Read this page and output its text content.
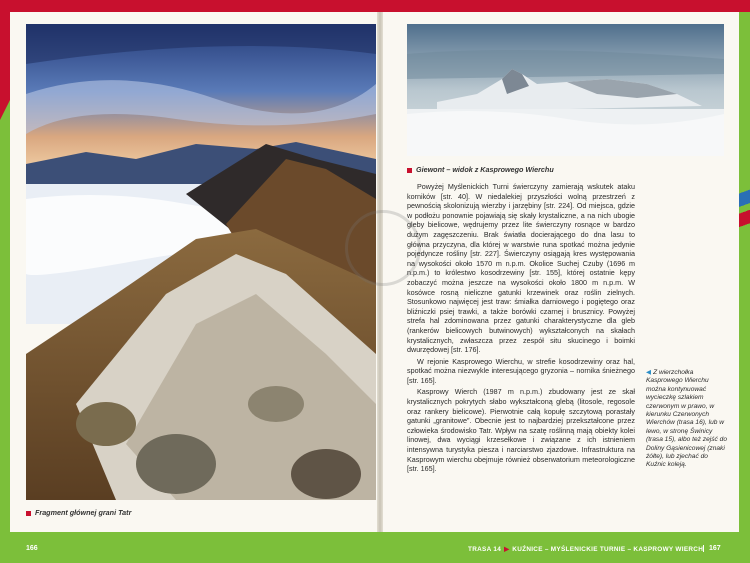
Fragment głównej grani Tatr
Giewont – widok z Kasprowego Wierchu

Powyżej Myślenickich Turni świerczyny zamierają wskutek ataku korników [str. 40]. W niedalekiej przyszłości wolną przestrzeń z pewnością skolonizują wierzby i jarzębiny [str. 224]. Od miejsca, gdzie w podłożu ponownie pojawiają się skały krystaliczne, a na nich ubogie gleby bielicowe, wędrujemy przez lite świerczyny rosnące w bardzo dużym zagęszczeniu. Brak światła docierającego do dna lasu to główna przyczyna, dla której w warstwie runa spotkać można jedynie pojedyncze rośliny [str. 227]. Świerczyny osiągają kres występowania na wysokości około 1570 m n.p.m. Okolice Suchej Czuby (1696 m n.p.m.) to królestwo kosodrzewiny [str. 155], której ostatnie kępy zobaczyć można jeszcze na wysokości około 1800 m n.p.m. W kosówce rosną nieliczne gatunki krzewinek oraz roślin zielnych. Stosunkowo najwięcej jest traw: śmiałka darniowego i pogiętego oraz bliźniczki psiej trawki, a także borówki czarnej i brusznicy. Powyżej strefa hal zdominowana przez gatunki charakterystyczne dla gleb (rankerów bielicowych butwinowych) wykształconych na skałach krystalicznych, zwłaszcza przez zespół situ skucinego i boimki dwurzędowej [str. 176].

W rejonie Kasprowego Wierchu, w strefie kosodrzewiny oraz hal, spotkać można niezwykle interesującego gryzonia – nornika śnieżnego [str. 165].

Kasprowy Wierch (1987 m n.p.m.) zbudowany jest ze skał krystalicznych pokrytych słabo wykształconą glebą (litosole, regosole oraz rankery bielicowe). Pierwotnie całą kopułę szczytową porastały gatunki „granitowe”. Obecnie jest to najbardziej przekształcone przez człowieka środowisko Tatr. Wpływ na szatę roślinną mają obiekty kolei linowej, dwa wyciągi krzesełkowe i związane z ich istnieniem intensywna turystyka piesza i narciarstwo zjazdowe. Infrastruktura na Kasprowym wierchu obejmuje również obserwatorium meteorologiczne [str. 165].

◀ Z wierzchołka Kasprowego Wierchu można kontynuować wycieczkę szlakiem czerwonym w prawo, w kierunku Czerwonych Wierchów (trasa 16), lub w lewo, w stronę Świnicy (trasa 15), albo też zejść do Doliny Gąsienicowej (znaki żółte), lub zjechać do Kuźnic koleją.
166	TRASA 14 ▶ KUŹNICE – MYŚLENICKIE TURNIE – KASPROWY WIERCH 167
